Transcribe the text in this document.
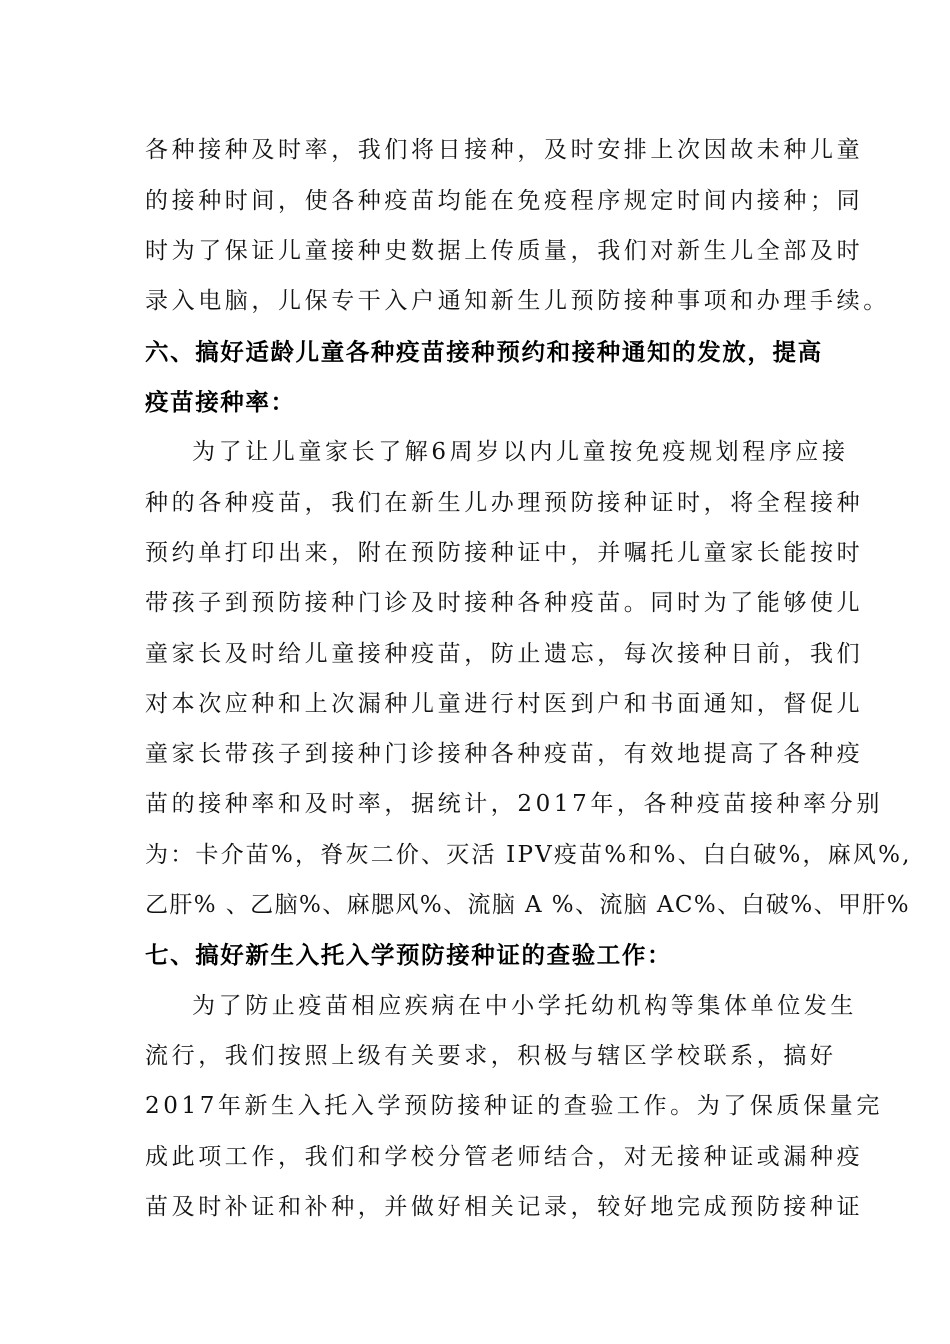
各种接种及时率，我们将日接种，及时安排上次因故未种儿童
的接种时间，使各种疫苗均能在免疫程序规定时间内接种；同
时为了保证儿童接种史数据上传质量，我们对新生儿全部及时
录入电脑，儿保专干入户通知新生儿预防接种事项和办理手续。
六、搞好适龄儿童各种疫苗接种预约和接种通知的发放，提高
疫苗接种率：
为了让儿童家长了解6周岁以内儿童按免疫规划程序应接
种的各种疫苗，我们在新生儿办理预防接种证时，将全程接种
预约单打印出来，附在预防接种证中，并嘱托儿童家长能按时
带孩子到预防接种门诊及时接种各种疫苗。同时为了能够使儿
童家长及时给儿童接种疫苗，防止遗忘，每次接种日前，我们
对本次应种和上次漏种儿童进行村医到户和书面通知，督促儿
童家长带孩子到接种门诊接种各种疫苗，有效地提高了各种疫
苗的接种率和及时率，据统计，2017年，各种疫苗接种率分别
为：卡介苗%，脊灰二价、灭活 IPV疫苗%和%、白白破%，麻风%,
乙肝% 、乙脑%、麻腮风%、流脑 A %、流脑 AC%、白破%、甲肝%
七、搞好新生入托入学预防接种证的查验工作：
为了防止疫苗相应疾病在中小学托幼机构等集体单位发生
流行，我们按照上级有关要求，积极与辖区学校联系，搞好
2017年新生入托入学预防接种证的查验工作。为了保质保量完
成此项工作，我们和学校分管老师结合，对无接种证或漏种疫
苗及时补证和补种，并做好相关记录，较好地完成预防接种证
